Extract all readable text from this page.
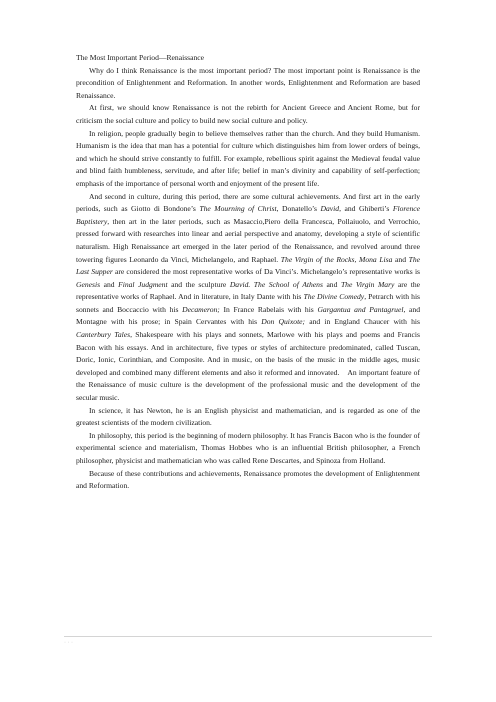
The Most Important Period—Renaissance

Why do I think Renaissance is the most important period? The most important point is Renaissance is the precondition of Enlightenment and Reformation. In another words, Enlightenment and Reformation are based Renaissance.

At first, we should know Renaissance is not the rebirth for Ancient Greece and Ancient Rome, but for criticism the social culture and policy to build new social culture and policy.

In religion, people gradually begin to believe themselves rather than the church. And they build Humanism. Humanism is the idea that man has a potential for culture which distinguishes him from lower orders of beings, and which he should strive constantly to fulfill. For example, rebellious spirit against the Medieval feudal value and blind faith humbleness, servitude, and after life; belief in man’s divinity and capability of self-perfection; emphasis of the importance of personal worth and enjoyment of the present life.

And second in culture, during this period, there are some cultural achievements. And first art in the early periods, such as Giotto di Bondone’s The Mourning of Christ, Donatello’s David, and Ghiberti’s Florence Baptistery, then art in the later periods, such as Masaccio,Piero della Francesca, Pollaiuolo, and Verrochio, pressed forward with researches into linear and aerial perspective and anatomy, developing a style of scientific naturalism. High Renaissance art emerged in the later period of the Renaissance, and revolved around three towering figures Leonardo da Vinci, Michelangelo, and Raphael. The Virgin of the Rocks, Mona Lisa and The Last Supper are considered the most representative works of Da Vinci’s. Michelangelo’s representative works is Genesis and Final Judgment and the sculpture David. The School of Athens and The Virgin Mary are the representative works of Raphael. And in literature, in Italy Dante with his The Divine Comedy, Petrarch with his sonnets and Boccaccio with his Decameron; In France Rabelais with his Gargantua and Pantagruel, and Montagne with his prose; in Spain Cervantes with his Don Quixote; and in England Chaucer with his Canterbury Tales, Shakespeare with his plays and sonnets, Marlowe with his plays and poems and Francis Bacon with his essays. And in architecture, five types or styles of architecture predominated, called Tuscan, Doric, Ionic, Corinthian, and Composite. And in music, on the basis of the music in the middle ages, music developed and combined many different elements and also it reformed and innovated.    An important feature of the Renaissance of music culture is the development of the professional music and the development of the secular music.

In science, it has Newton, he is an English physicist and mathematician, and is regarded as one of the greatest scientists of the modern civilization.

In philosophy, this period is the beginning of modern philosophy. It has Francis Bacon who is the founder of experimental science and materialism, Thomas Hobbes who is an influential British philosopher, a French philosopher, physicist and mathematician who was called Rene Descartes, and Spinoza from Holland.

Because of these contributions and achievements, Renaissance promotes the development of Enlightenment and Reformation.

· · ·
